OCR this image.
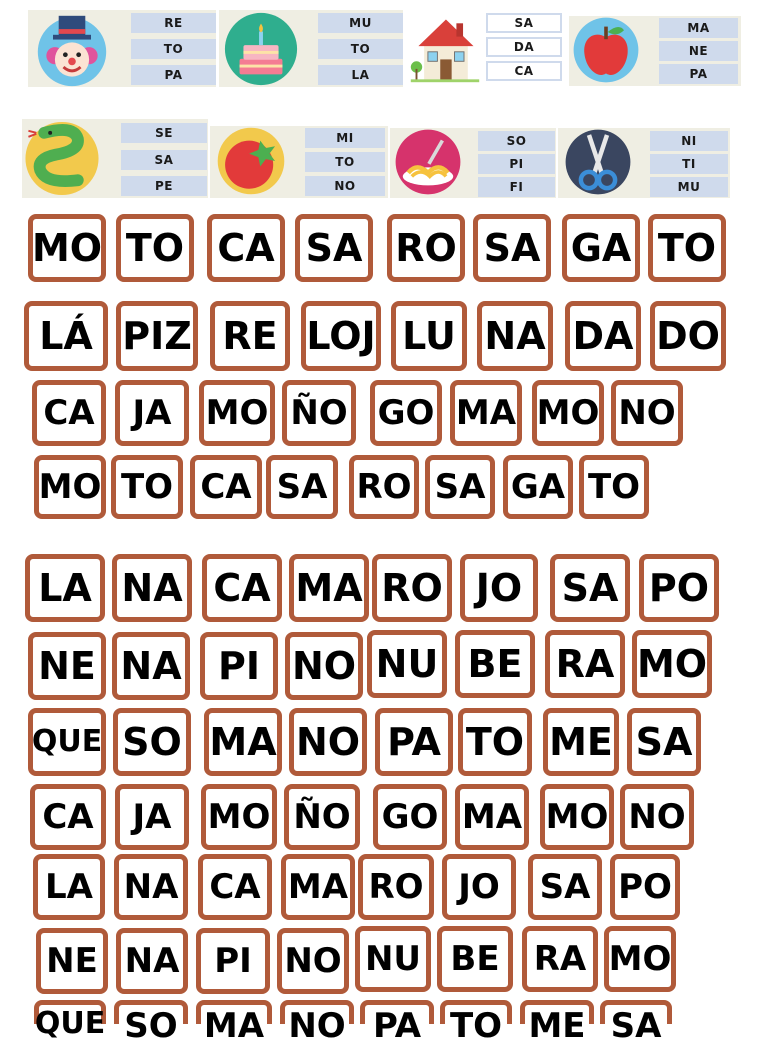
RE
TO
PA
MU
TO
LA
SA
DA
CA
MA
NE
PA
SE
SA
PE
MI
TO
NO
SO
PI
FI
NI
TI
MU
MO TO CA SA RO SA GA TO
LÁ PIZ RE LOJ LU NA DA DO
CA	JA	MO ÑO GO MA MO NO
MO TO CA SA RO SA GA TO
LA NA CA MA RO JO	SA PO
NE NA PI NO NU BE RA MO
QUE SO MA NO PA TO ME SA
CA	JA	MO ÑO GO MA MO NO
LA NA CA MA RO	JO	SA PO
NE NA	PI NO NU BE	RA MO
QUE SO MA NO PA TO ME SA
